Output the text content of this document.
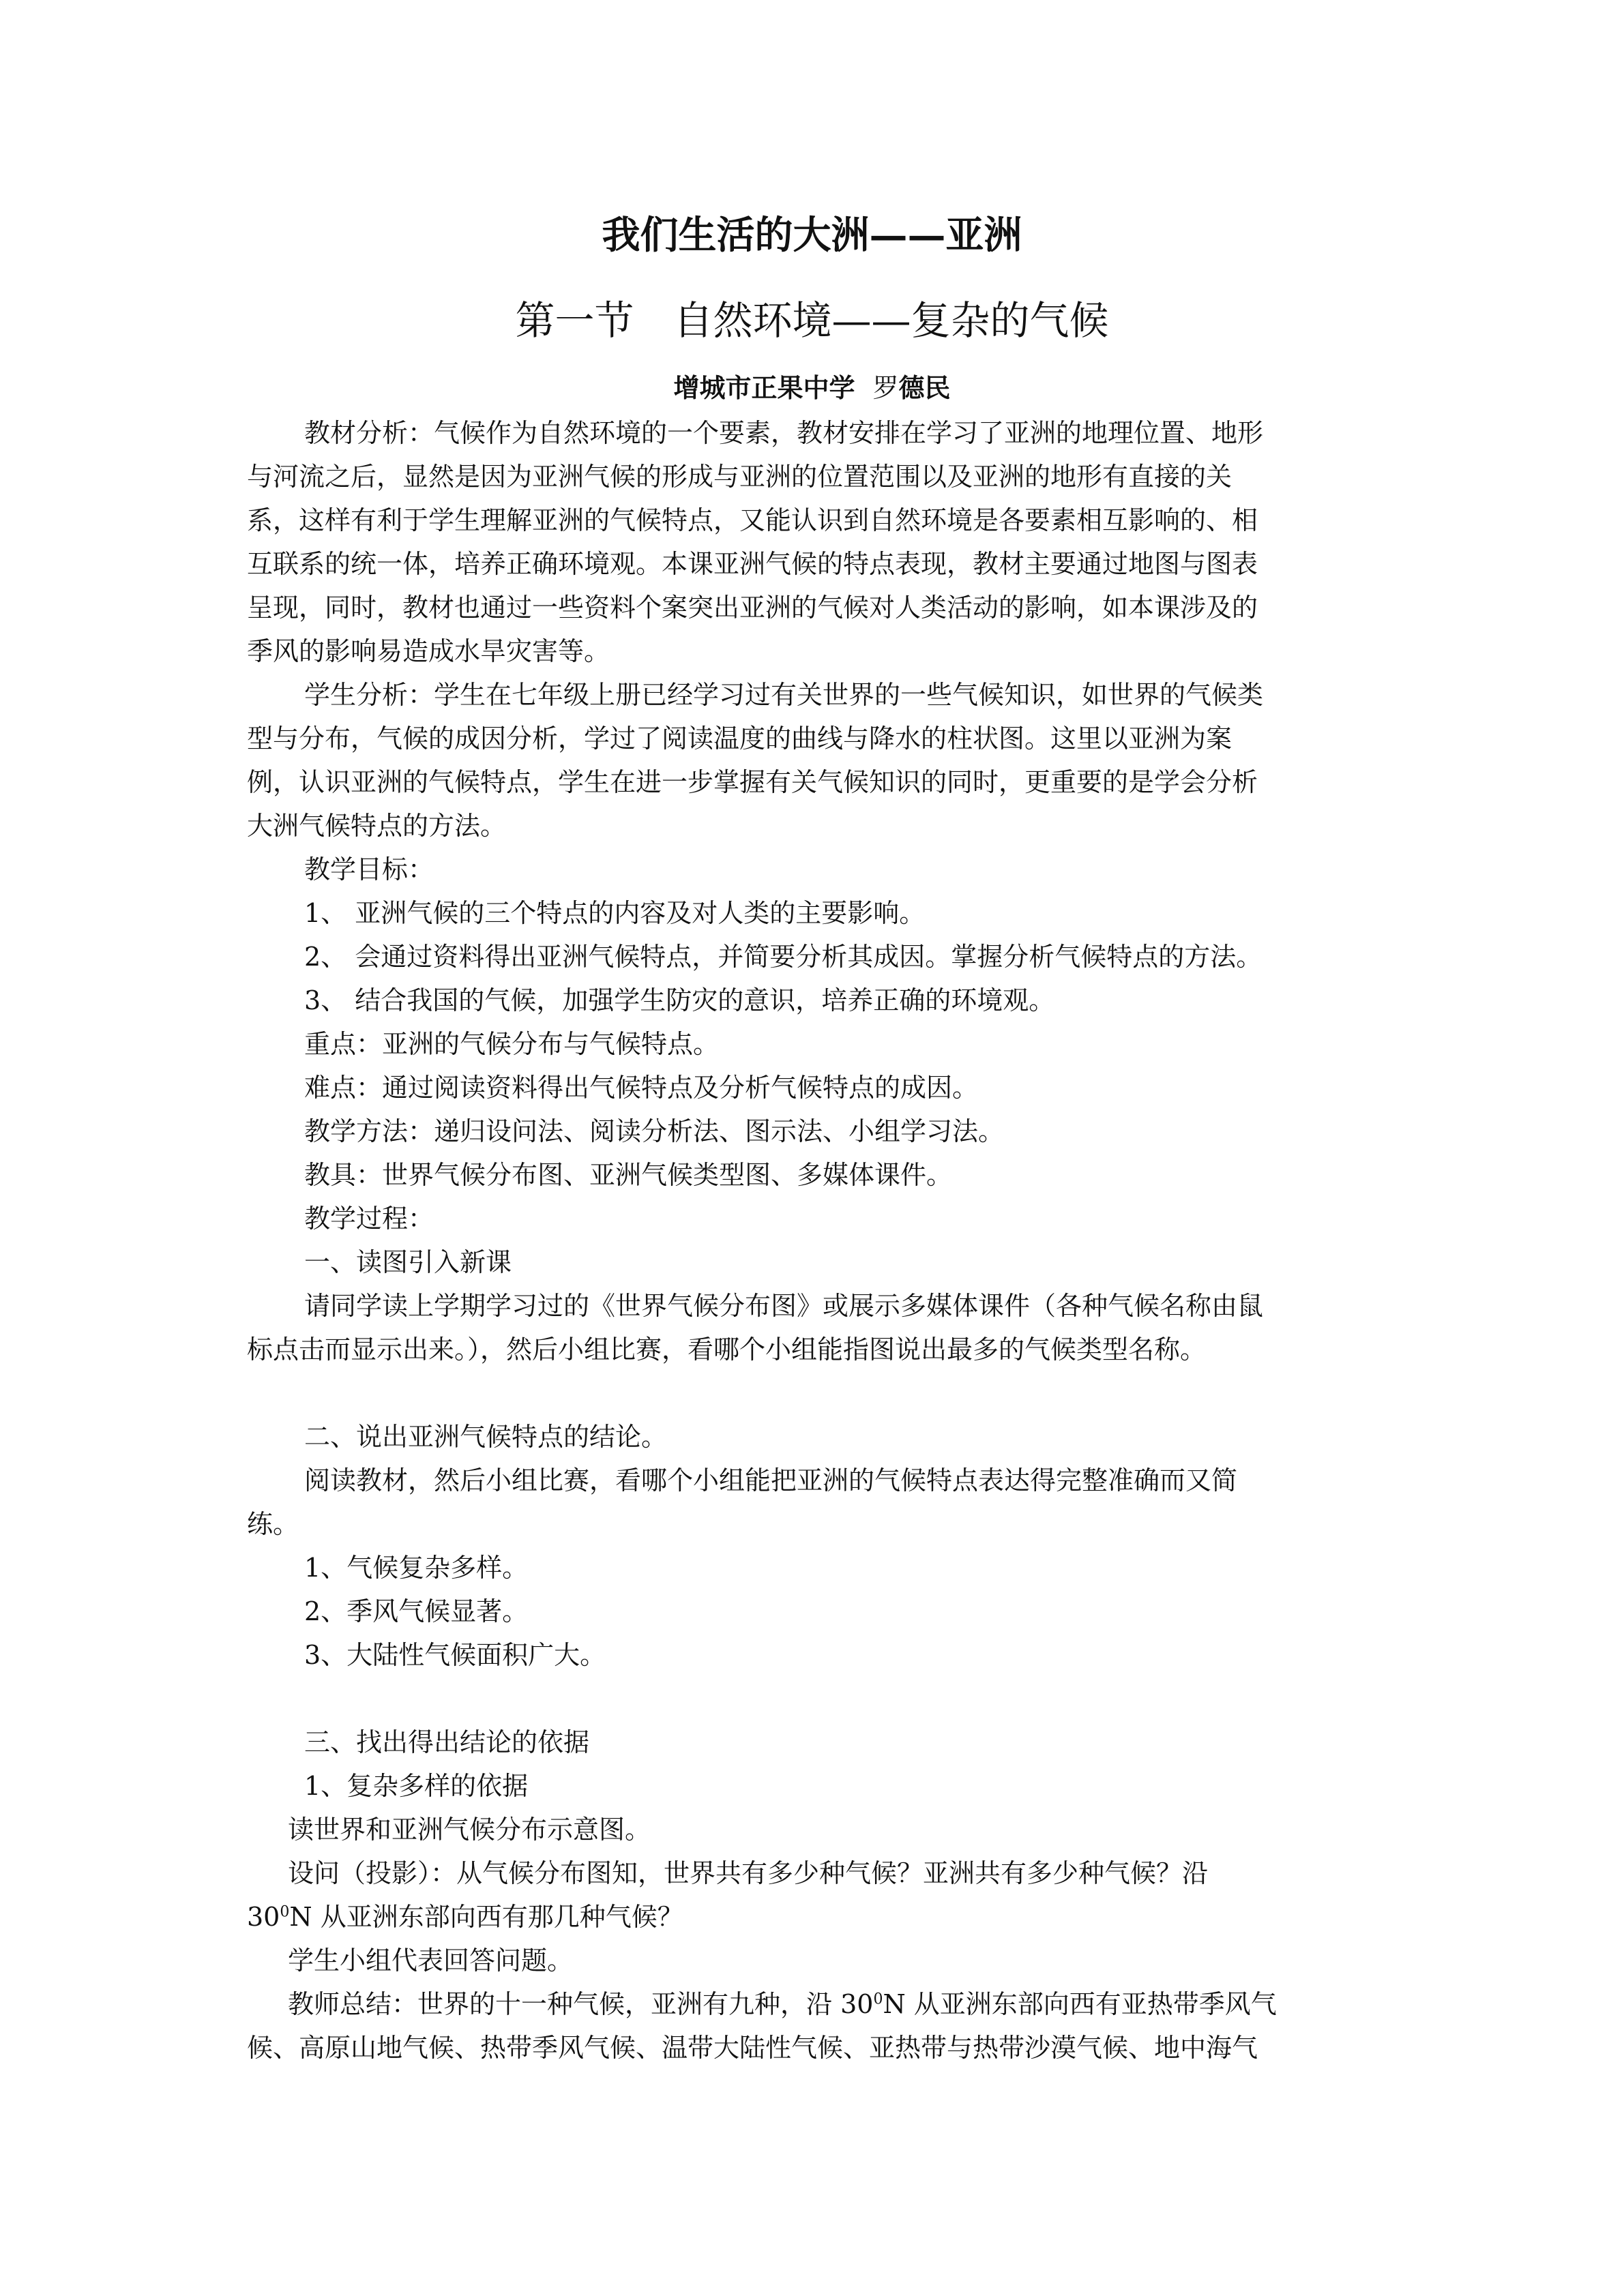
我们生活的大洲——亚洲
第一节　自然环境——复杂的气候
增城市正果中学 罗德民

教材分析：气候作为自然环境的一个要素，教材安排在学习了亚洲的地理位置、地形

与河流之后，显然是因为亚洲气候的形成与亚洲的位置范围以及亚洲的地形有直接的关

系，这样有利于学生理解亚洲的气候特点，又能认识到自然环境是各要素相互影响的、相

互联系的统一体，培养正确环境观。本课亚洲气候的特点表现，教材主要通过地图与图表

呈现，同时，教材也通过一些资料个案突出亚洲的气候对人类活动的影响，如本课涉及的

季风的影响易造成水旱灾害等。

学生分析：学生在七年级上册已经学习过有关世界的一些气候知识，如世界的气候类

型与分布，气候的成因分析，学过了阅读温度的曲线与降水的柱状图。这里以亚洲为案

例，认识亚洲的气候特点，学生在进一步掌握有关气候知识的同时，更重要的是学会分析

大洲气候特点的方法。

教学目标：

1、 亚洲气候的三个特点的内容及对人类的主要影响。

2、 会通过资料得出亚洲气候特点，并简要分析其成因。掌握分析气候特点的方法。

3、 结合我国的气候，加强学生防灾的意识，培养正确的环境观。

重点：亚洲的气候分布与气候特点。

难点：通过阅读资料得出气候特点及分析气候特点的成因。

教学方法：递归设问法、阅读分析法、图示法、小组学习法。

教具：世界气候分布图、亚洲气候类型图、多媒体课件。

教学过程：

一、读图引入新课

请同学读上学期学习过的《世界气候分布图》或展示多媒体课件（各种气候名称由鼠

标点击而显示出来。），然后小组比赛，看哪个小组能指图说出最多的气候类型名称。

二、说出亚洲气候特点的结论。

阅读教材，然后小组比赛，看哪个小组能把亚洲的气候特点表达得完整准确而又简

练。

1、气候复杂多样。

2、季风气候显著。

3、大陆性气候面积广大。

三、找出得出结论的依据

1、复杂多样的依据

读世界和亚洲气候分布示意图。

设问（投影）：从气候分布图知，世界共有多少种气候？亚洲共有多少种气候？沿

$30^0N$ 从亚洲东部向西有那几种气候？

学生小组代表回答问题。

教师总结：世界的十一种气候，亚洲有九种，沿 $30^0N$ 从亚洲东部向西有亚热带季风气

候、高原山地气候、热带季风气候、温带大陆性气候、亚热带与热带沙漠气候、地中海气
